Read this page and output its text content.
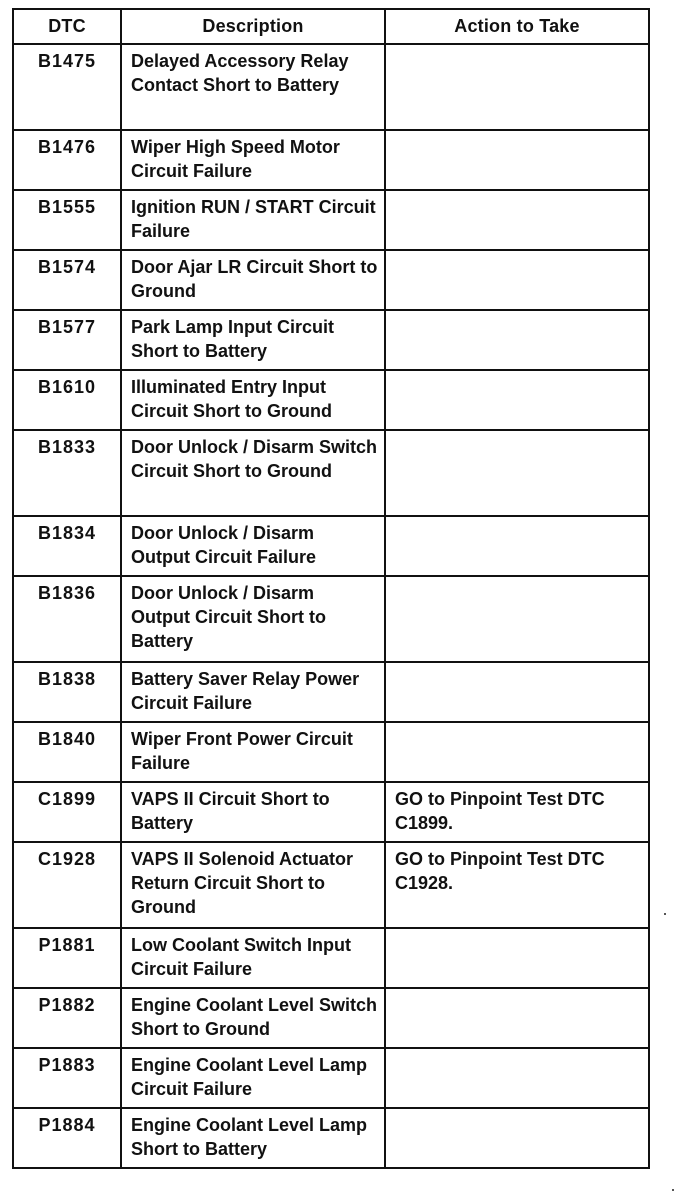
DTC	Description	Action to Take
B1475	Delayed Accessory Relay Contact Short to Battery	
B1476	Wiper High Speed Motor Circuit Failure	
B1555	Ignition RUN / START Circuit Failure	
B1574	Door Ajar LR Circuit Short to Ground	
B1577	Park Lamp Input Circuit Short to Battery	
B1610	Illuminated Entry Input Circuit Short to Ground	
B1833	Door Unlock / Disarm Switch Circuit Short to Ground	
B1834	Door Unlock / Disarm Output Circuit Failure	
B1836	Door Unlock / Disarm Output Circuit Short to Battery	
B1838	Battery Saver Relay Power Circuit Failure	
B1840	Wiper Front Power Circuit Failure	
C1899	VAPS II Circuit Short to Battery	GO to Pinpoint Test DTC C1899.
C1928	VAPS II Solenoid Actuator Return Circuit Short to Ground	GO to Pinpoint Test DTC C1928.
P1881	Low Coolant Switch Input Circuit Failure	
P1882	Engine Coolant Level Switch Short to Ground	
P1883	Engine Coolant Level Lamp Circuit Failure	
P1884	Engine Coolant Level Lamp Short to Battery	
